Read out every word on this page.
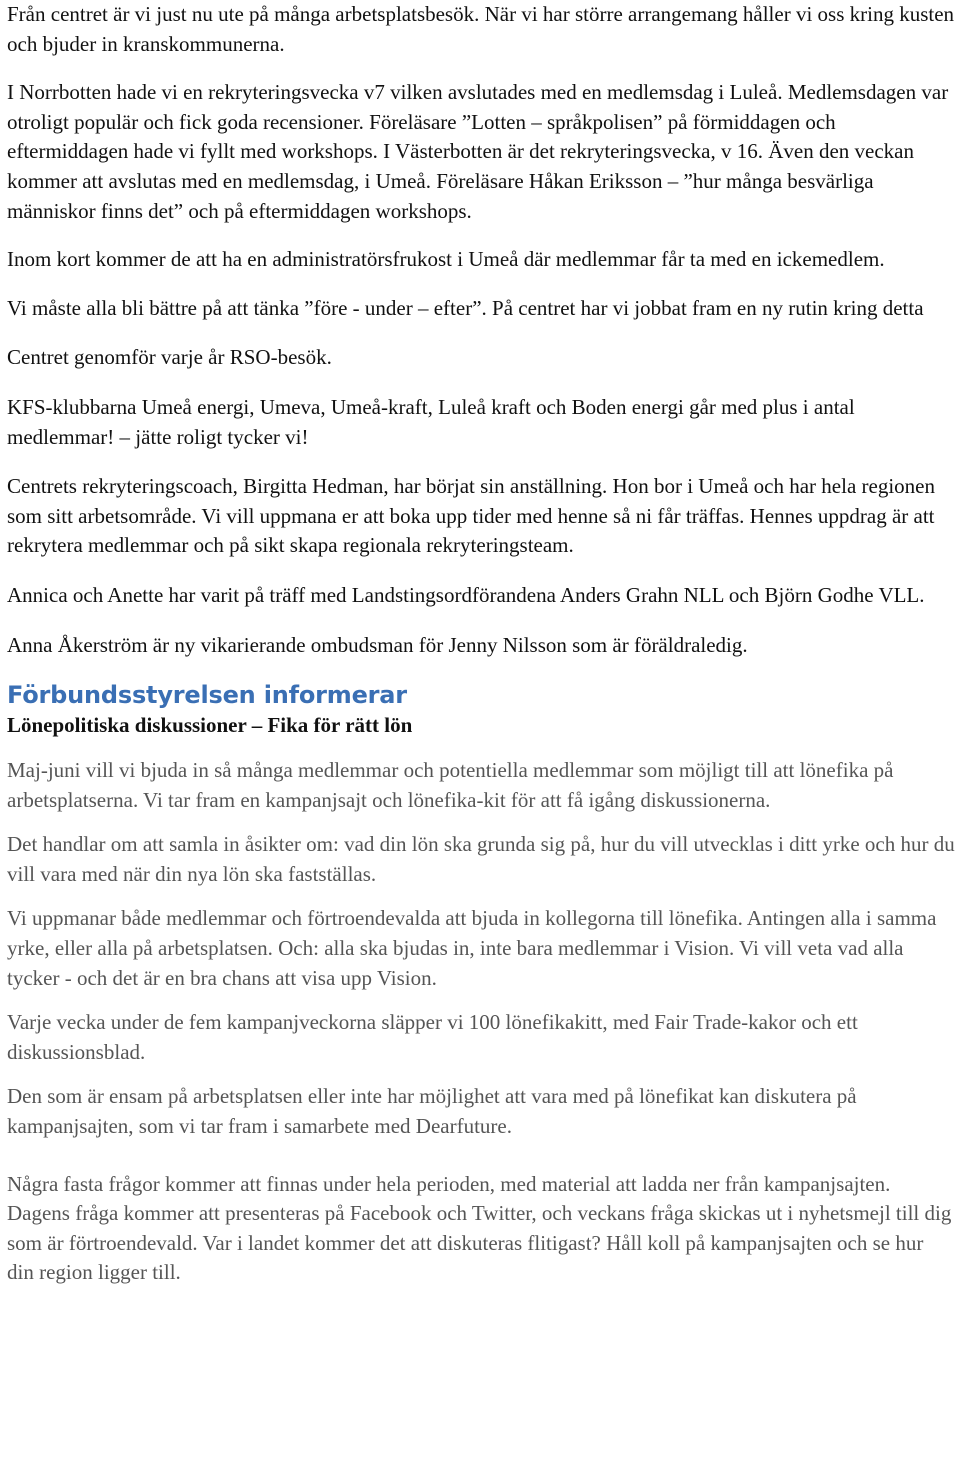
Från centret är vi just nu ute på många arbetsplatsbesök. När vi har större arrangemang håller vi oss kring kusten och bjuder in kranskommunerna.

I Norrbotten hade vi en rekryteringsvecka v7 vilken avslutades med en medlemsdag i Luleå. Medlemsdagen var otroligt populär och fick goda recensioner. Föreläsare ”Lotten – språkpolisen” på förmiddagen och eftermiddagen hade vi fyllt med workshops. I Västerbotten är det rekryteringsvecka, v 16. Även den veckan kommer att avslutas med en medlemsdag, i Umeå. Föreläsare Håkan Eriksson – ”hur många besvärliga människor finns det” och på eftermiddagen workshops.

Inom kort kommer de att ha en administratörsfrukost i Umeå där medlemmar får ta med en ickemedlem.

Vi måste alla bli bättre på att tänka ”före - under – efter”. På centret har vi jobbat fram en ny rutin kring detta

Centret genomför varje år RSO-besök.

KFS-klubbarna Umeå energi, Umeva, Umeå-kraft, Luleå kraft och Boden energi går med plus i antal medlemmar! – jätte roligt tycker vi!

Centrets rekryteringscoach, Birgitta Hedman, har börjat sin anställning. Hon bor i Umeå och har hela regionen som sitt arbetsområde. Vi vill uppmana er att boka upp tider med henne så ni får träffas. Hennes uppdrag är att rekrytera medlemmar och på sikt skapa regionala rekryteringsteam.

Annica och Anette har varit på träff med Landstingsordförandena Anders Grahn NLL och Björn Godhe VLL.

Anna Åkerström är ny vikarierande ombudsman för Jenny Nilsson som är föräldraledig.

Förbundsstyrelsen informerar

Lönepolitiska diskussioner – Fika för rätt lön

Maj-juni vill vi bjuda in så många medlemmar och potentiella medlemmar som möjligt till att lönefika på arbetsplatserna. Vi tar fram en kampanjsajt och lönefika-kit för att få igång diskussionerna.

Det handlar om att samla in åsikter om: vad din lön ska grunda sig på, hur du vill utvecklas i ditt yrke och hur du vill vara med när din nya lön ska fastställas.

Vi uppmanar både medlemmar och förtroendevalda att bjuda in kollegorna till lönefika. Antingen alla i samma yrke, eller alla på arbetsplatsen. Och: alla ska bjudas in, inte bara medlemmar i Vision. Vi vill veta vad alla tycker - och det är en bra chans att visa upp Vision.

Varje vecka under de fem kampanjveckorna släpper vi 100 lönefikakitt, med Fair Trade-kakor och ett diskussionsblad.

Den som är ensam på arbetsplatsen eller inte har möjlighet att vara med på lönefikat kan diskutera på kampanjsajten, som vi tar fram i samarbete med Dearfuture.

Några fasta frågor kommer att finnas under hela perioden, med material att ladda ner från kampanjsajten. Dagens fråga kommer att presenteras på Facebook och Twitter, och veckans fråga skickas ut i nyhetsmejl till dig som är förtroendevald. Var i landet kommer det att diskuteras flitigast? Håll koll på kampanjsajten och se hur din region ligger till.
